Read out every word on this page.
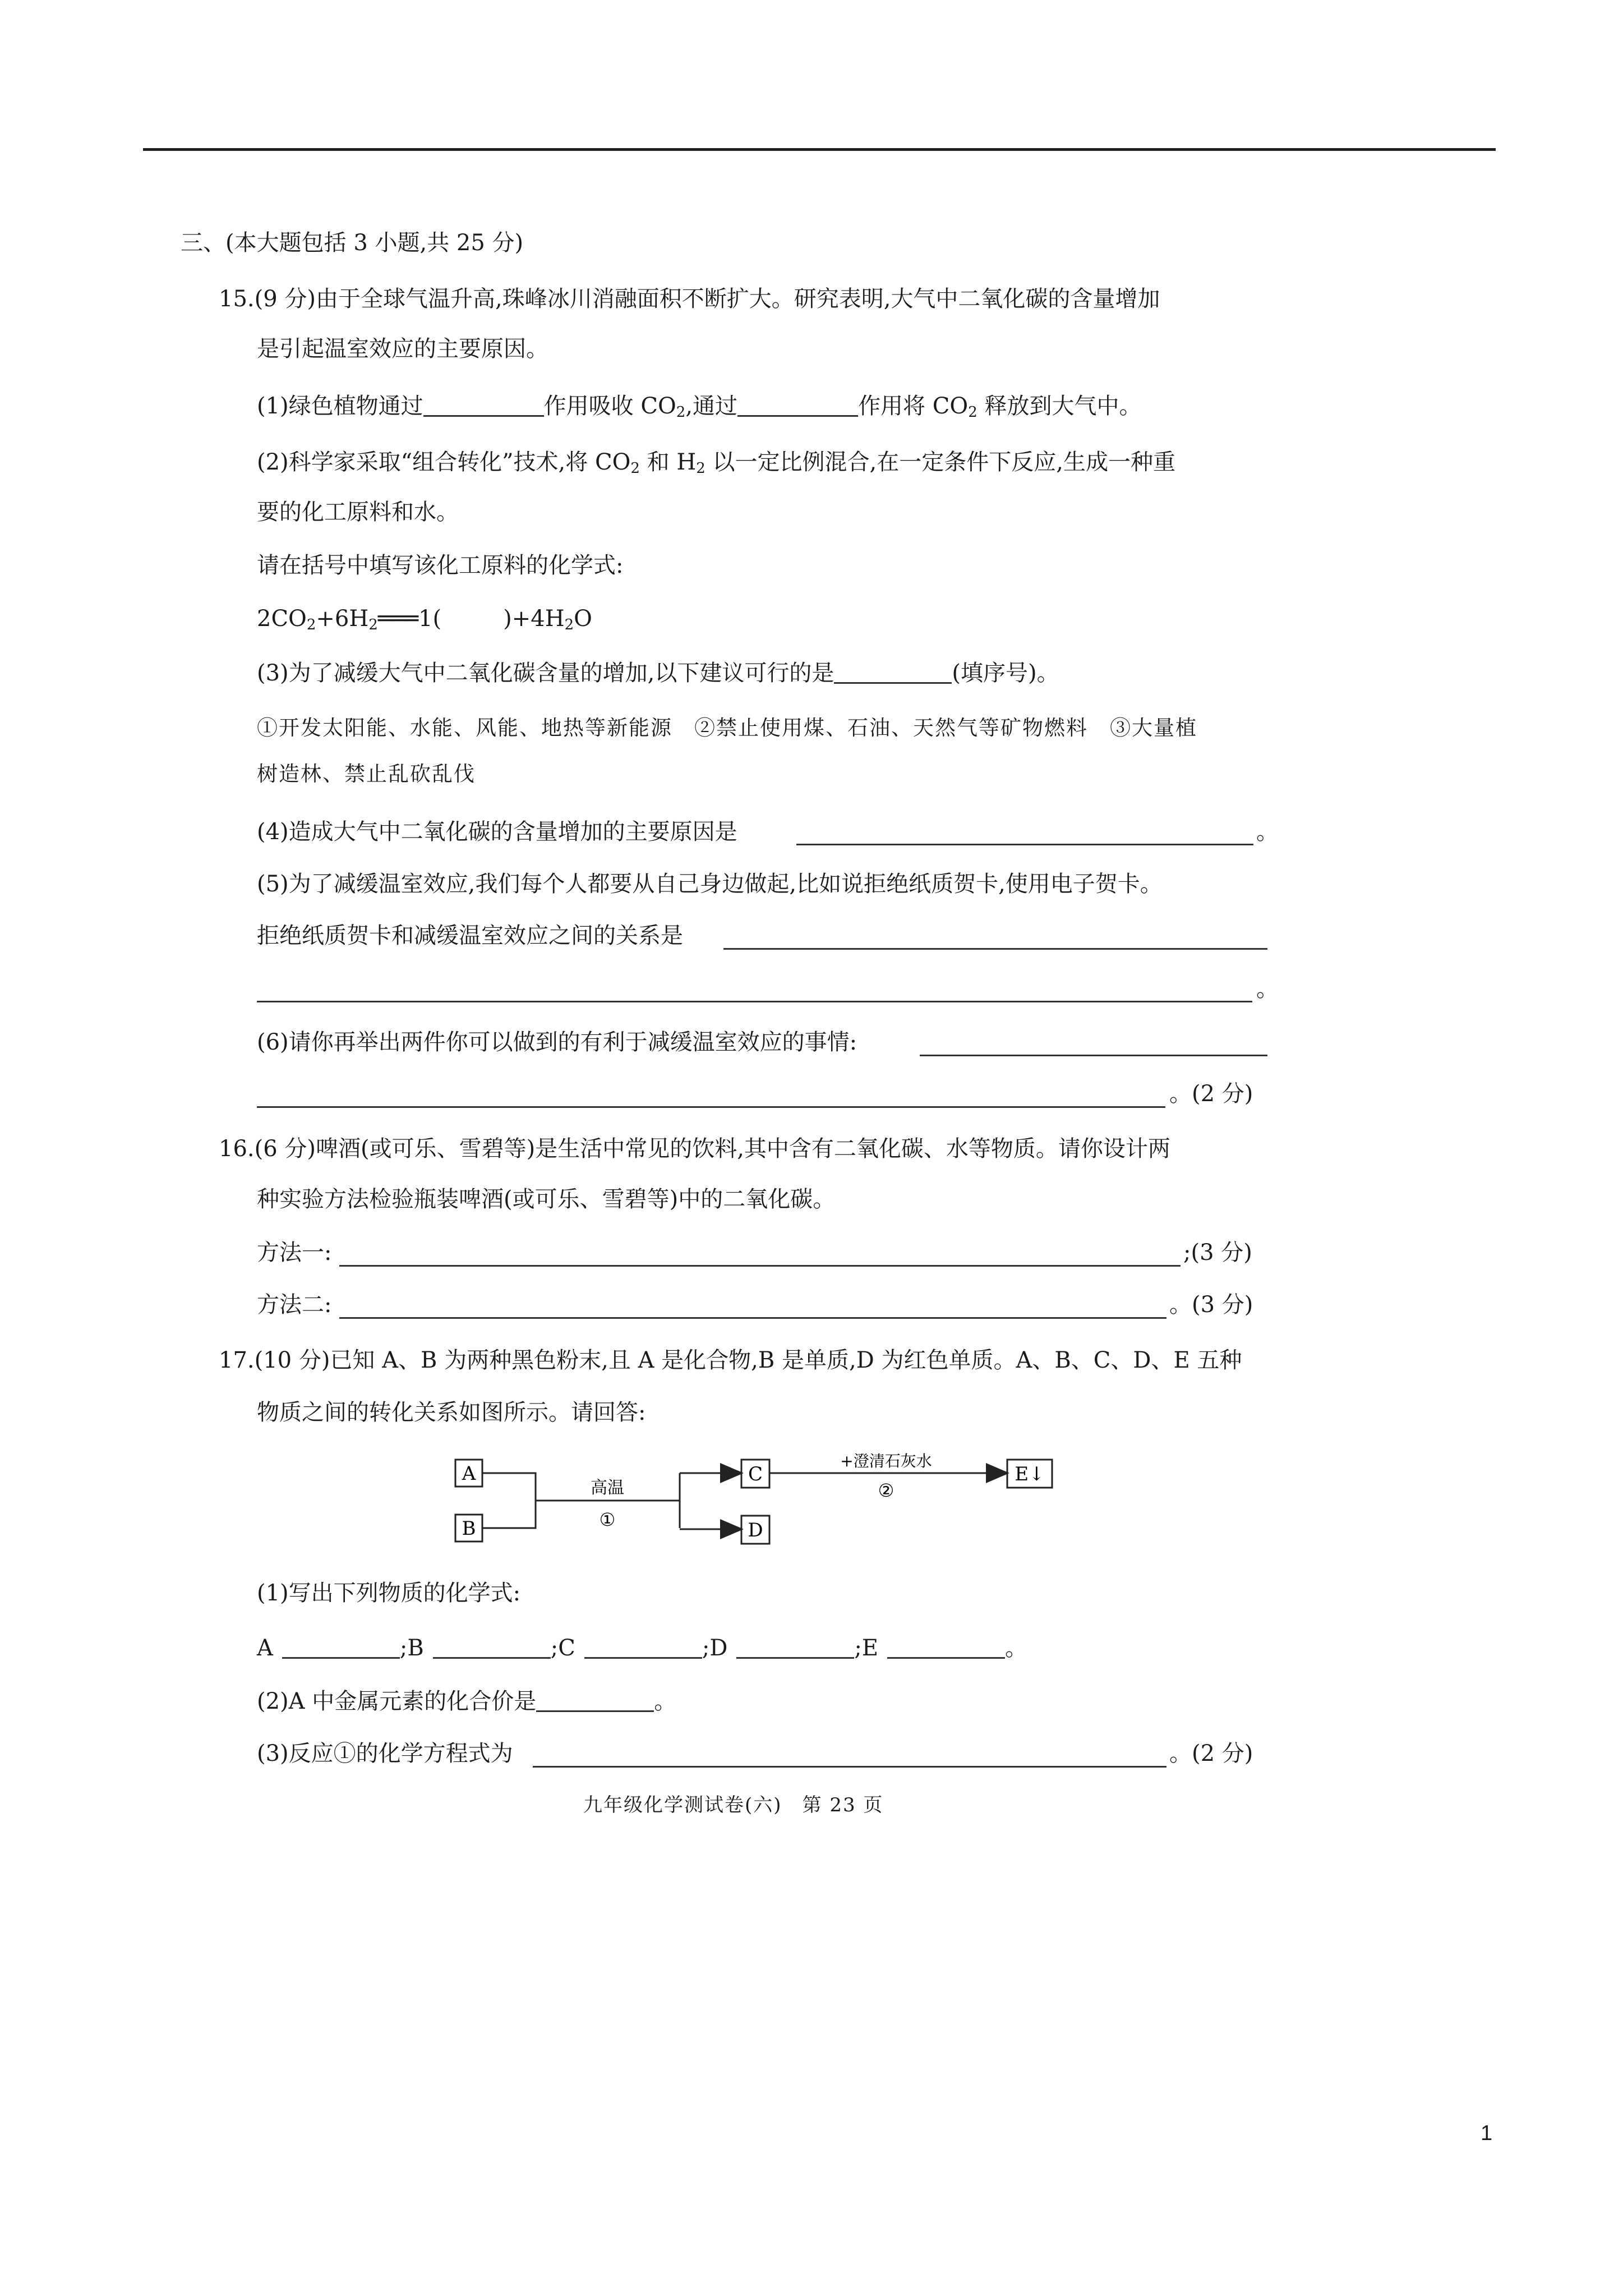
三、(本大题包括 3 小题,共 25 分)
15.(9 分)由于全球气温升高,珠峰冰川消融面积不断扩大。研究表明,大气中二氧化碳的含量增加
是引起温室效应的主要原因。
(1)绿色植物通过	作用吸收 $CO_2$,通过	作用将 $CO_2$ 释放到大气中。
(2)科学家采取“组合转化”技术,将 $CO_2$ 和 $H_2$ 以一定比例混合,在一定条件下反应,生成一种重
要的化工原料和水。
请在括号中填写该化工原料的化学式:
$2CO_2+6H_2═══1$(	)$+4H_2O$
(3)为了减缓大气中二氧化碳含量的增加,以下建议可行的是	(填序号)。
①开发太阳能、水能、风能、地热等新能源　②禁止使用煤、石油、天然气等矿物燃料　③大量植
树造林、禁止乱砍乱伐
(4)造成大气中二氧化碳的含量增加的主要原因是	。
(5)为了减缓温室效应,我们每个人都要从自己身边做起,比如说拒绝纸质贺卡,使用电子贺卡。
拒绝纸质贺卡和减缓温室效应之间的关系是
。
(6)请你再举出两件你可以做到的有利于减缓温室效应的事情:
。(2 分)
16.(6 分)啤酒(或可乐、雪碧等)是生活中常见的饮料,其中含有二氧化碳、水等物质。请你设计两
种实验方法检验瓶装啤酒(或可乐、雪碧等)中的二氧化碳。
方法一:	;(3 分)
方法二:	。(3 分)
17.(10 分)已知 A、B 为两种黑色粉末,且 A 是化合物,B 是单质,D 为红色单质。A、B、C、D、E 五种
物质之间的转化关系如图所示。请回答:
A
B
C
D
E↓
高温
①
+澄清石灰水
②
(1)写出下列物质的化学式:
A	;B	;C	;D	;E	。
(2)A 中金属元素的化合价是	。
(3)反应①的化学方程式为	。(2 分)
九年级化学测试卷(六)　第 23 页
1
